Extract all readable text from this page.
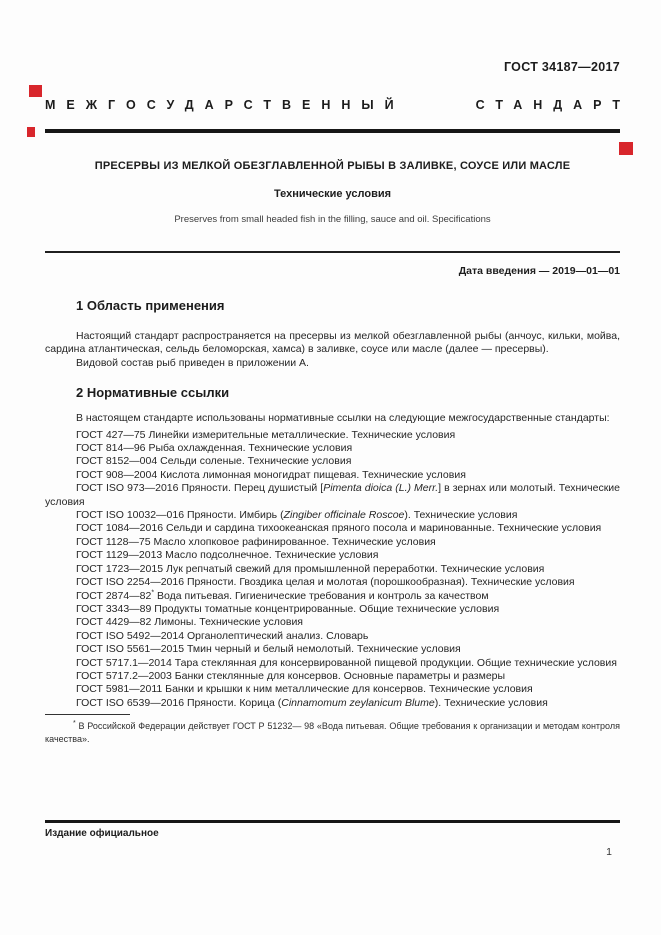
ГОСТ 34187—2017
МЕЖГОСУДАРСТВЕННЫЙ СТАНДАРТ
ПРЕСЕРВЫ ИЗ МЕЛКОЙ ОБЕЗГЛАВЛЕННОЙ РЫБЫ В ЗАЛИВКЕ, СОУСЕ ИЛИ МАСЛЕ
Технические условия
Preserves from small headed fish in the filling, sauce and oil. Specifications
Дата введения — 2019—01—01
1 Область применения

Настоящий стандарт распространяется на пресервы из мелкой обезглавленной рыбы (анчоус, кильки, мойва, сардина атлантическая, сельдь беломорская, хамса) в заливке, соусе или масле (далее — пресервы).

Видовой состав рыб приведен в приложении А.

2 Нормативные ссылки

В настоящем стандарте использованы нормативные ссылки на следующие межгосударственные стандарты:

ГОСТ 427—75 Линейки измерительные металлические. Технические условия

ГОСТ 814—96 Рыба охлажденная. Технические условия

ГОСТ 8152—004 Сельди соленые. Технические условия

ГОСТ 908—2004 Кислота лимонная моногидрат пищевая. Технические условия

ГОСТ ISO 973—2016 Пряности. Перец душистый [Pimenta dioica (L.) Merr.] в зернах или молотый. Технические условия

ГОСТ ISO 10032—016 Пряности. Имбирь (Zingiber officinale Roscoe). Технические условия

ГОСТ 1084—2016 Сельди и сардина тихоокеанская пряного посола и маринованные. Технические условия

ГОСТ 1128—75 Масло хлопковое рафинированное. Технические условия

ГОСТ 1129—2013 Масло подсолнечное. Технические условия

ГОСТ 1723—2015 Лук репчатый свежий для промышленной переработки. Технические условия

ГОСТ ISO 2254—2016 Пряности. Гвоздика целая и молотая (порошкообразная). Технические условия

ГОСТ 2874—82* Вода питьевая. Гигиенические требования и контроль за качеством

ГОСТ 3343—89 Продукты томатные концентрированные. Общие технические условия

ГОСТ 4429—82 Лимоны. Технические условия

ГОСТ ISO 5492—2014 Органолептический анализ. Словарь

ГОСТ ISO 5561—2015 Тмин черный и белый немолотый. Технические условия

ГОСТ 5717.1—2014 Тара стеклянная для консервированной пищевой продукции. Общие технические условия

ГОСТ 5717.2—2003 Банки стеклянные для консервов. Основные параметры и размеры

ГОСТ 5981—2011 Банки и крышки к ним металлические для консервов. Технические условия

ГОСТ ISO 6539—2016 Пряности. Корица (Cinnamomum zeylanicum Blume). Технические условия

* В Российской Федерации действует ГОСТ Р 51232— 98 «Вода питьевая. Общие требования к организации и методам контроля качества».

Издание официальное
1
